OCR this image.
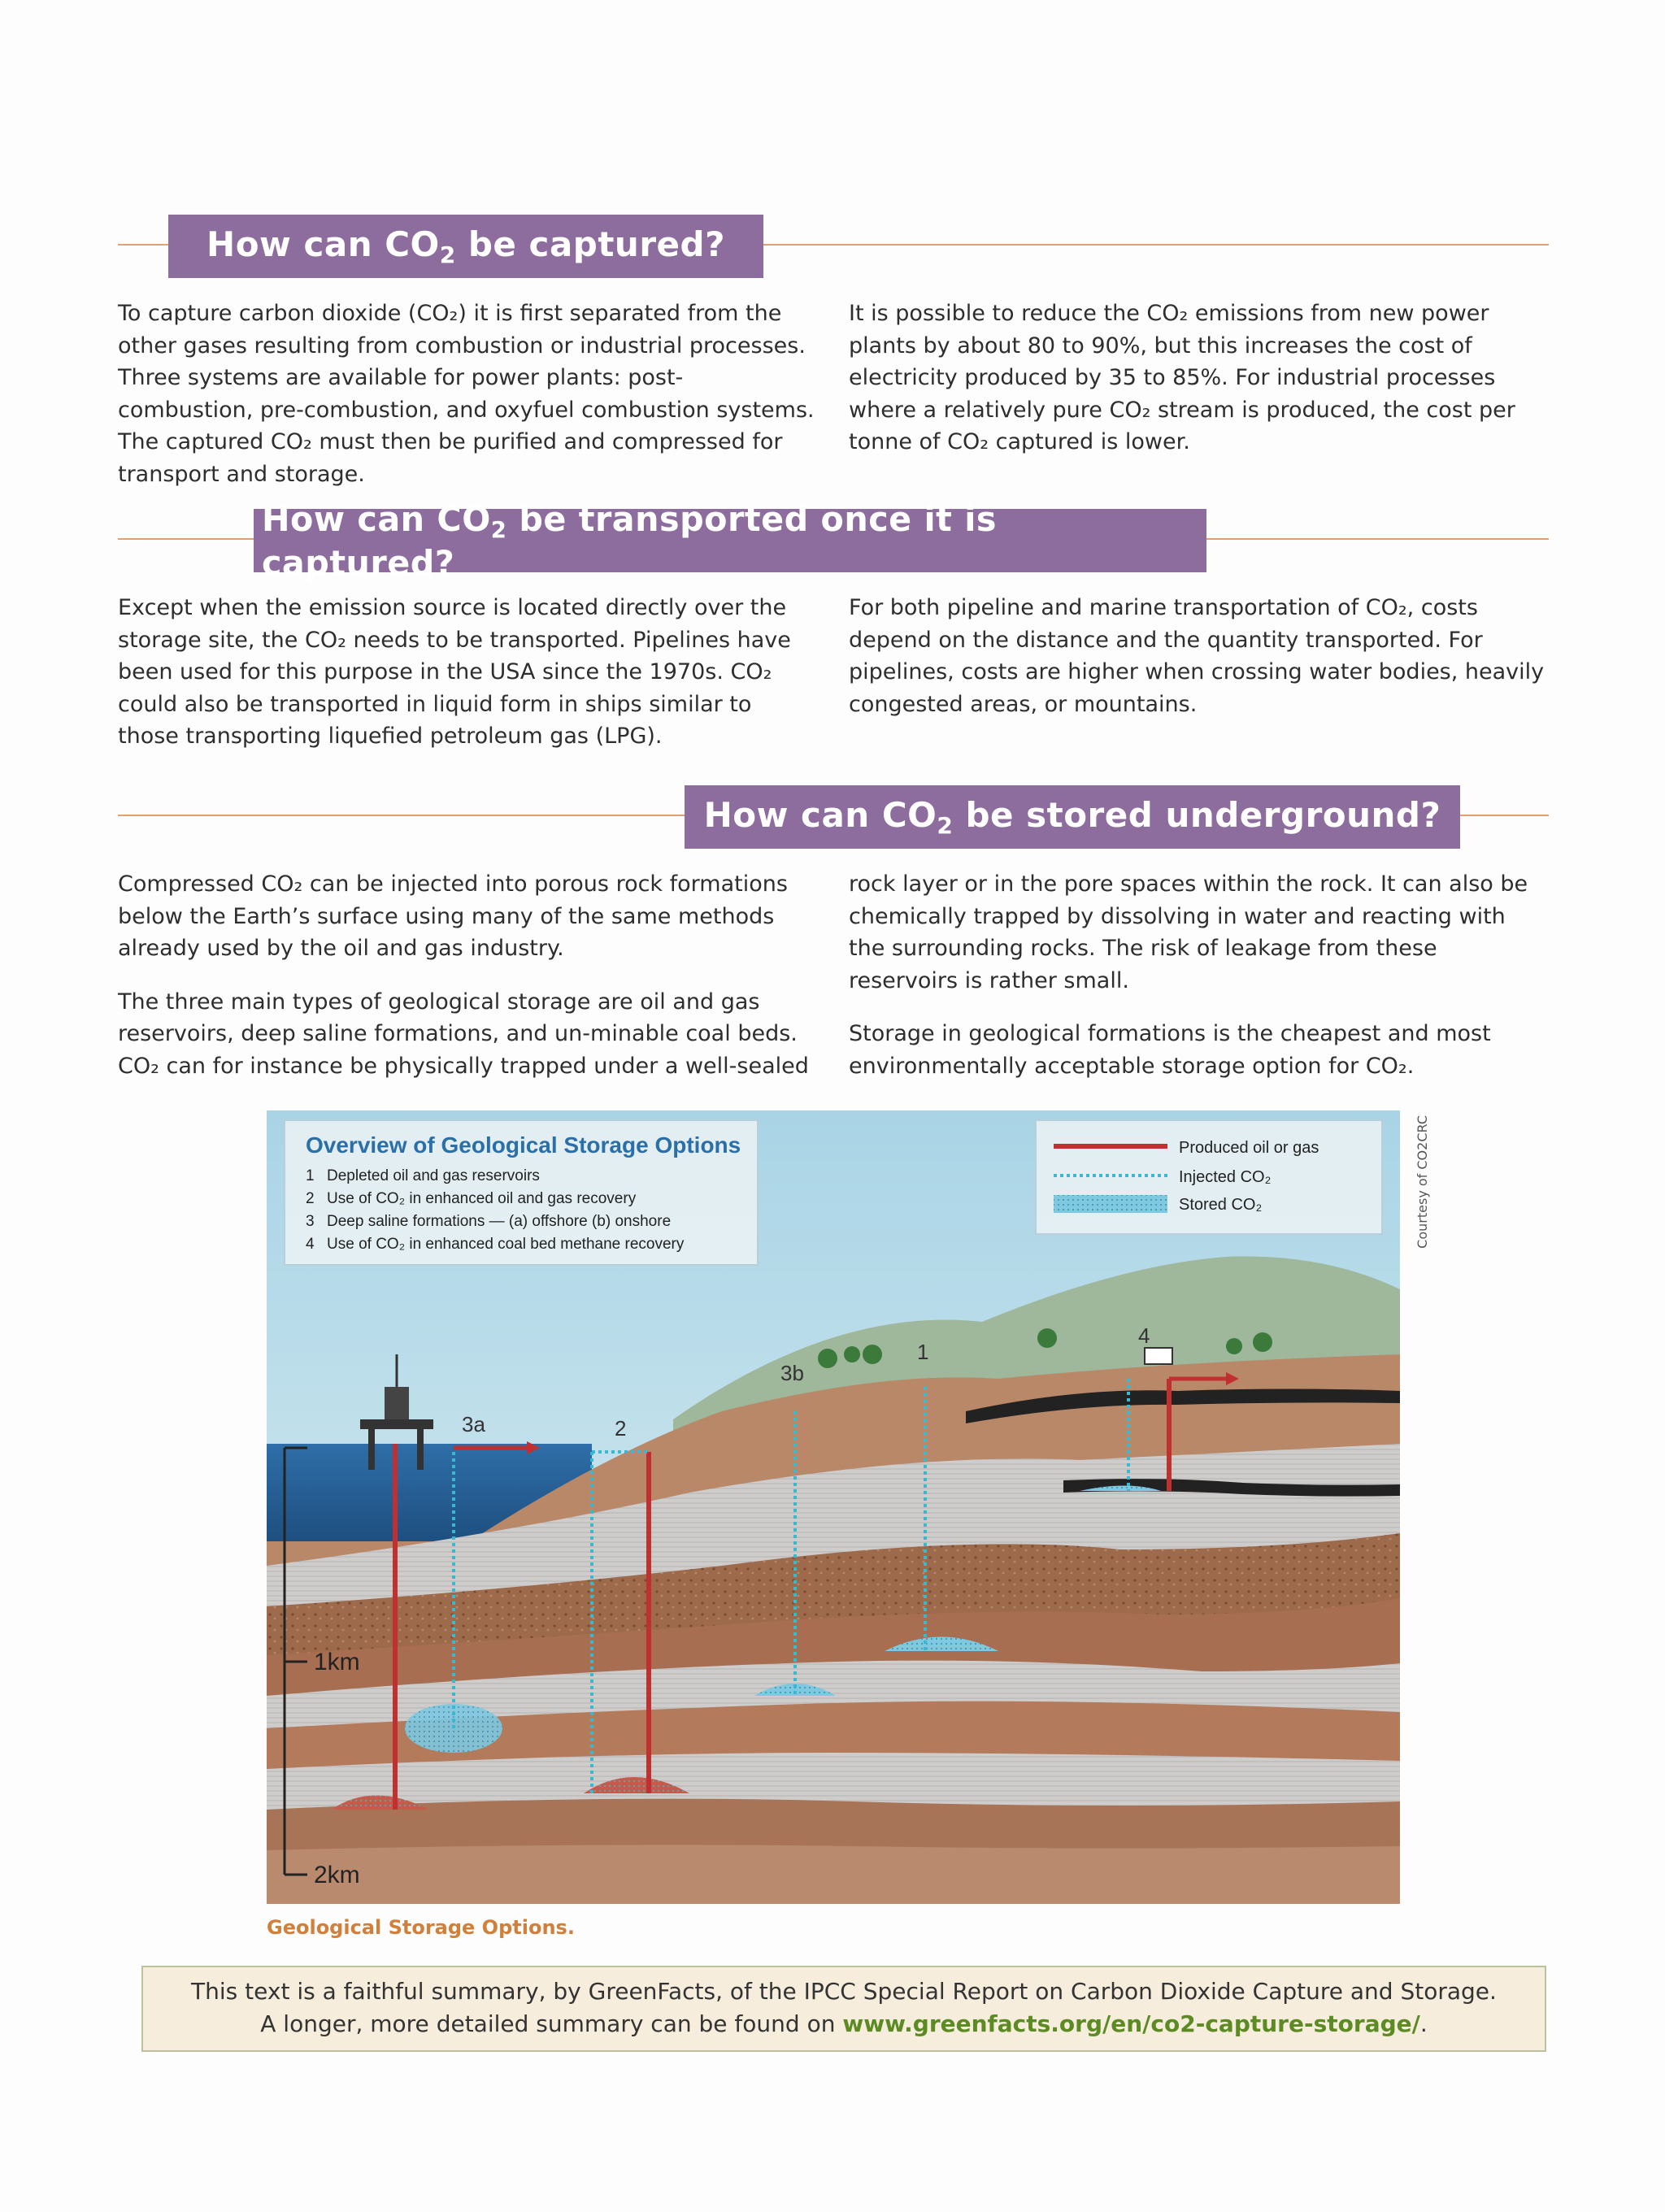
How can $CO_2$ be captured?

To capture carbon dioxide (CO₂) it is first separated from the other gases resulting from combustion or industrial processes. Three systems are available for power plants: post-combustion, pre-combustion, and oxyfuel combustion systems. The captured CO₂ must then be purified and compressed for transport and storage.

It is possible to reduce the CO₂ emissions from new power plants by about 80 to 90%, but this increases the cost of electricity produced by 35 to 85%. For industrial processes where a relatively pure CO₂ stream is produced, the cost per tonne of CO₂ captured is lower.

How can $CO_2$ be transported once it is captured?

Except when the emission source is located directly over the storage site, the CO₂ needs to be transported. Pipelines have been used for this purpose in the USA since the 1970s. CO₂ could also be transported in liquid form in ships similar to those transporting liquefied petroleum gas (LPG).

For both pipeline and marine transportation of CO₂, costs depend on the distance and the quantity transported. For pipelines, costs are higher when crossing water bodies, heavily congested areas, or mountains.

How can $CO_2$ be stored underground?

Compressed CO₂ can be injected into porous rock formations below the Earth’s surface using many of the same methods already used by the oil and gas industry.

The three main types of geological storage are oil and gas reservoirs, deep saline formations, and un-minable coal beds. CO₂ can for instance be physically trapped under a well-sealed

rock layer or in the pore spaces within the rock. It can also be chemically trapped by dissolving in water and reacting with the surrounding rocks. The risk of leakage from these reservoirs is rather small.

Storage in geological formations is the cheapest and most environmentally acceptable storage option for CO₂.

3a	2
3b
1
4
1km
2km
Overview of Geological Storage Options
1 Depleted oil and gas reservoirs
2 Use of CO₂ in enhanced oil and gas recovery
3 Deep saline formations — (a) offshore (b) onshore
4 Use of CO₂ in enhanced coal bed methane recovery
Produced oil or gas
Injected CO₂
Stored CO₂	Courtesy of CO2CRC
Geological Storage Options.
This text is a faithful summary, by GreenFacts, of the IPCC Special Report on Carbon Dioxide Capture and Storage.
A longer, more detailed summary can be found on www.greenfacts.org/en/co2-capture-storage/.
